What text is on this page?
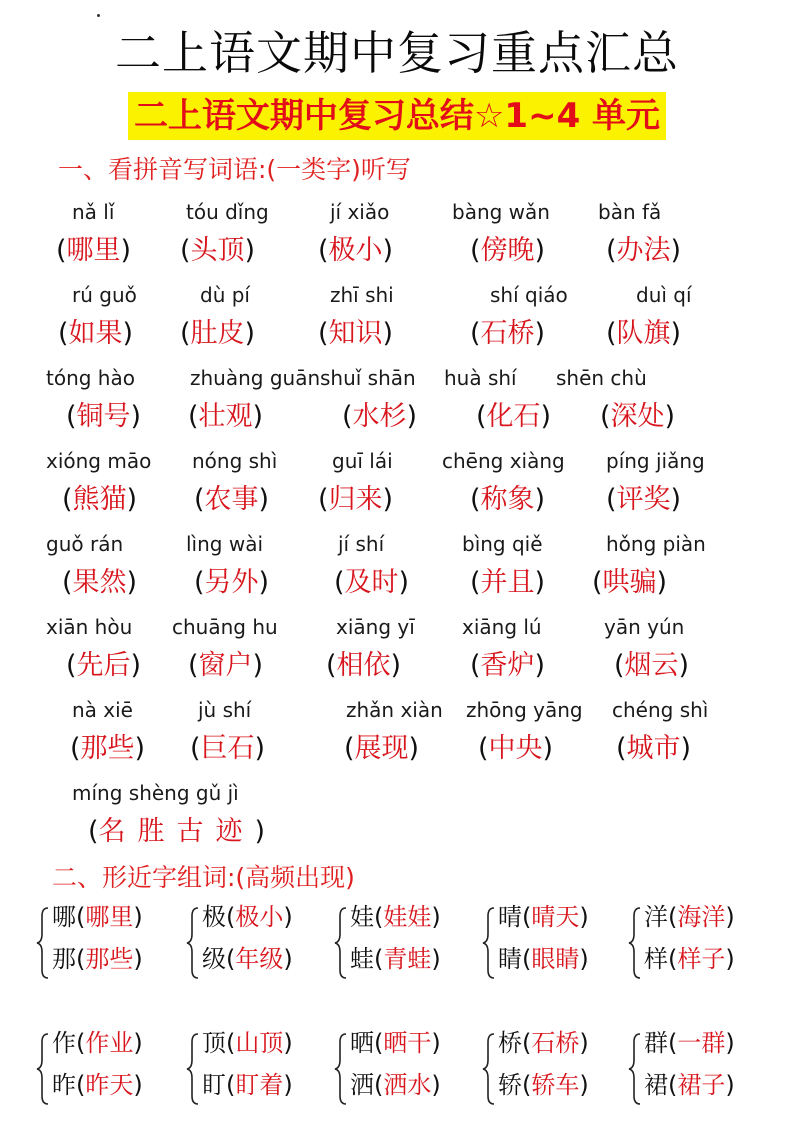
二上语文期中复习重点汇总
二上语文期中复习总结☆1~4 单元
一、看拼音写词语:(一类字)听写
nǎ lǐ
(哪里)
tóu dǐng
(头顶)
jí xiǎo
(极小)
bàng wǎn
(傍晚)
bàn fǎ
(办法)
rú guǒ
(如果)
dù pí
(肚皮)
zhī shi
(知识)
shí qiáo
(石桥)
duì qí
(队旗)
tóng hào
(铜号)
zhuàng guān
(壮观)
shuǐ shān
(水杉)
huà shí
(化石)
shēn chù
(深处)
xióng māo
(熊猫)
nóng shì
(农事)
guī lái
(归来)
chēng xiàng
(称象)
píng jiǎng
(评奖)
guǒ rán
(果然)
lìng wài
(另外)
jí shí
(及时)
bìng qiě
(并且)
hǒng piàn
(哄骗)
xiān hòu
(先后)
chuāng hu
(窗户)
xiāng yī
(相依)
xiāng lú
(香炉)
yān yún
(烟云)
nà xiē
(那些)
jù shí
(巨石)
zhǎn xiàn
(展现)
zhōng yāng
(中央)
chéng shì
(城市)
míng shèng gǔ jì
(名胜古迹)
二、形近字组词:(高频出现)
哪(哪里)
那(那些)
极(极小)
级(年级)
娃(娃娃)
蛙(青蛙)
晴(晴天)
睛(眼睛)
洋(海洋)
样(样子)
作(作业)
昨(昨天)
顶(山顶)
盯(盯着)
晒(晒干)
洒(洒水)
桥(石桥)
轿(轿车)
群(一群)
裙(裙子)
